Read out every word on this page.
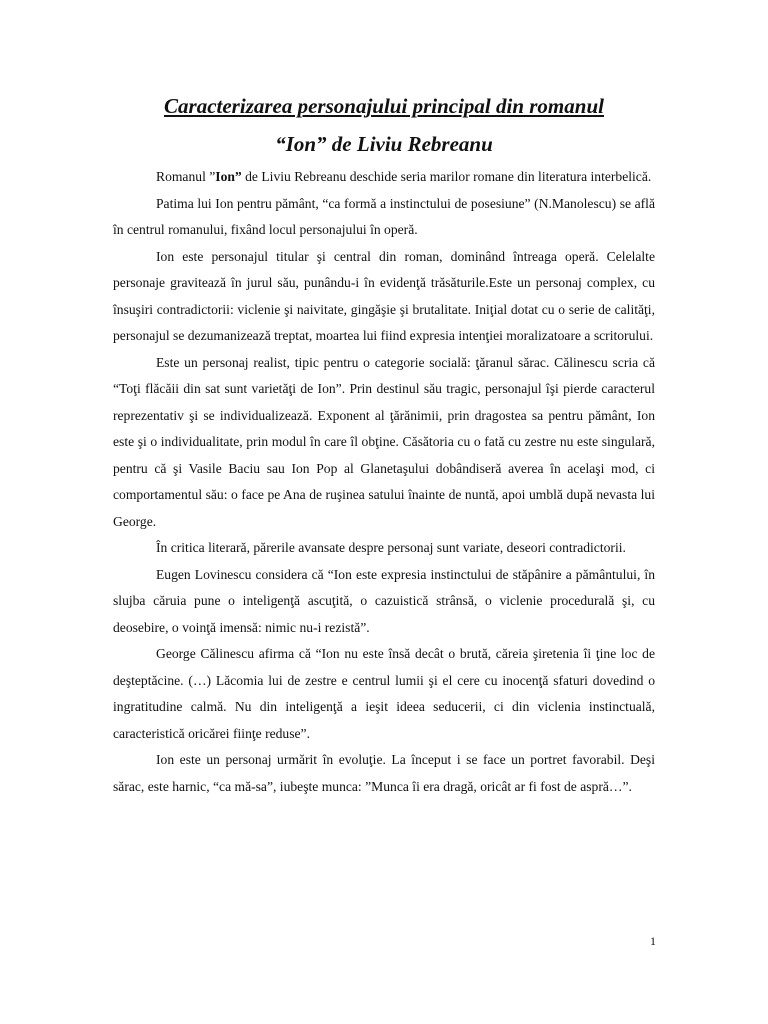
Caracterizarea personajului principal din romanul
“Ion” de Liviu Rebreanu

Romanul ”Ion” de Liviu Rebreanu deschide seria marilor romane din literatura interbelică.

Patima lui Ion pentru pământ, “ca formă a instinctului de posesiune” (N.Manolescu) se află în centrul romanului, fixând locul personajului în operă.

Ion este personajul titular şi central din roman, dominând întreaga operă. Celelalte personaje gravitează în jurul său, punându-i în evidenţă trăsăturile.Este un personaj complex, cu însuşiri contradictorii: viclenie şi naivitate, gingăşie şi brutalitate. Iniţial dotat cu o serie de calităţi, personajul se dezumanizează treptat, moartea lui fiind expresia intenţiei moralizatoare a scritorului.

Este un personaj realist, tipic pentru o categorie socială: ţăranul sărac. Călinescu scria că “Toţi flăcăii din sat sunt varietăţi de Ion”. Prin destinul său tragic, personajul îşi pierde caracterul reprezentativ şi se individualizează. Exponent al ţărănimii, prin dragostea sa pentru pământ, Ion este şi o individualitate, prin modul în care îl obţine. Căsătoria cu o fată cu zestre nu este singulară, pentru că şi Vasile Baciu sau Ion Pop al Glanetaşului dobândiseră averea în acelaşi mod, ci comportamentul său: o face pe Ana de ruşinea satului înainte de nuntă, apoi umblă după nevasta lui George.

În critica literară, părerile avansate despre personaj sunt variate, deseori contradictorii.

Eugen Lovinescu considera că “Ion este expresia instinctului de stăpânire a pământului, în slujba căruia pune o inteligenţă ascuţită, o cazuistică strânsă, o viclenie procedurală şi, cu deosebire, o voinţă imensă: nimic nu-i rezistă”.

George Călinescu afirma că “Ion nu este însă decât o brută, căreia şiretenia îi ţine loc de deşteptăcine. (…) Lăcomia lui de zestre e centrul lumii şi el cere cu inocenţă sfaturi dovedind o ingratitudine calmă. Nu din inteligenţă a ieşit ideea seducerii, ci din viclenia instinctuală, caracteristică oricărei fiinţe reduse”.

Ion este un personaj urmărit în evoluţie. La început i se face un portret favorabil. Deşi sărac, este harnic, “ca mă-sa”, iubeşte munca: ”Munca îi era dragă, oricât ar fi fost de aspră…”.

1
